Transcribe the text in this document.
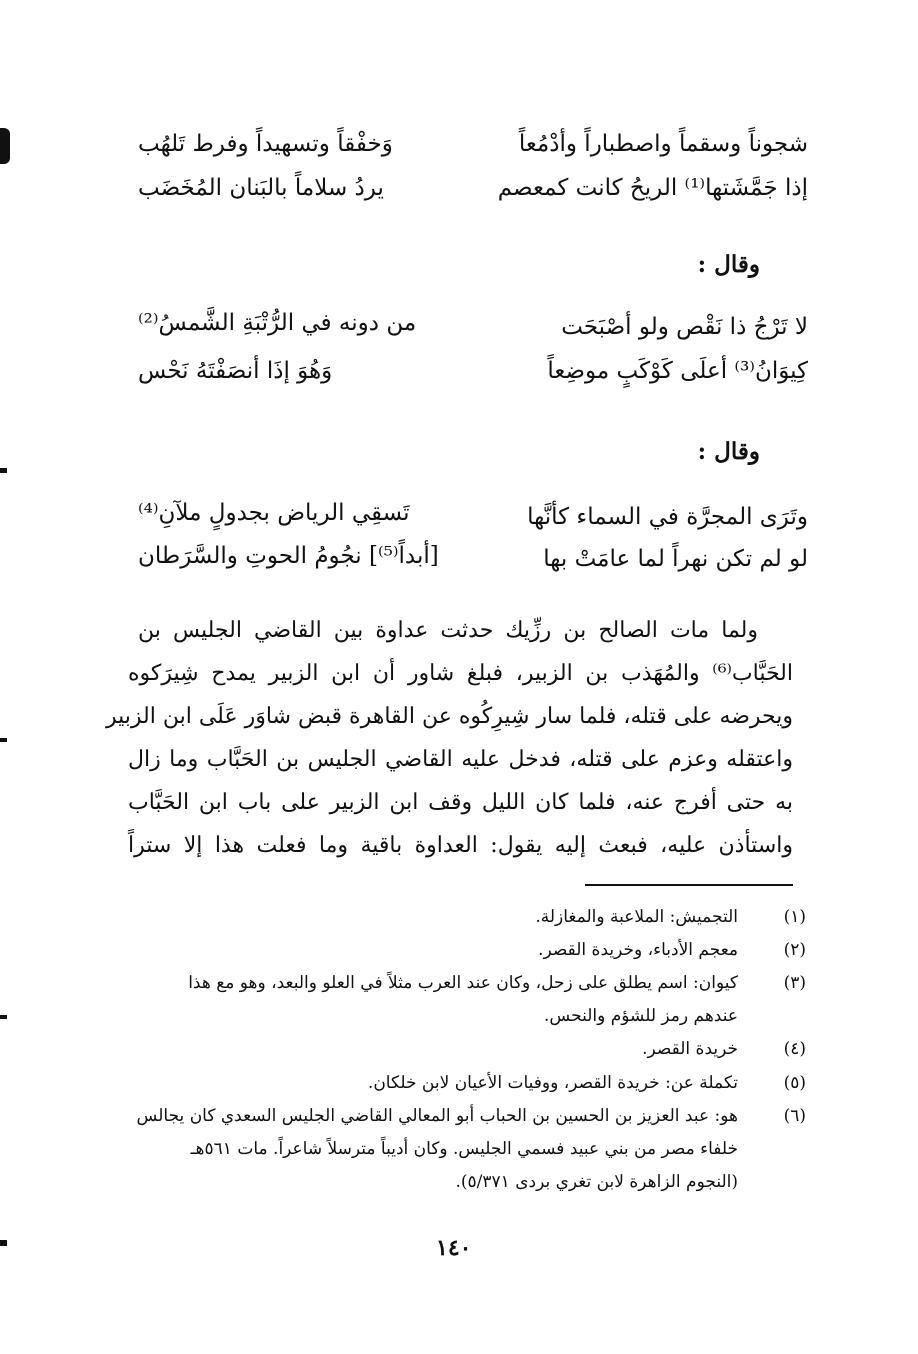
شجوناً وسقماً واصطباراً وأدْمُعاً
وَخفْقاً وتسهيداً وفرط تَلهُب
إذا جَمَّشَتها⁽¹⁾ الريحُ كانت كمعصم
يردُ سلاماً بالبَنان المُخَضَب
وقال :
لا تَرْجُ ذا نَقْص ولو أصْبَحَت
من دونه في الرُّتْبَةِ الشَّمسُ⁽²⁾
كِيوَانُ⁽³⁾ أعلَى كَوْكَبٍ موضِعاً
وَهُوَ إذَا أنصَفْتَهُ نَحْس
وقال :
وتَرَى المجرَّة في السماء كأنَّها
تَسقِي الرياض بجدولٍ ملآنِ⁽⁴⁾
لو لم تكن نهراً لما عامَتْ بها
[أبداً⁽⁵⁾] نجُومُ الحوتِ والسَّرَطان
ولما مات الصالح بن رزِّيك حدثت عداوة بين القاضي الجليس بن
الحَبَّاب⁽⁶⁾ والمُهَذب بن الزبير، فبلغ شاور أن ابن الزبير يمدح شِيرَكوه
ويحرضه على قتله، فلما سار شِيرِكُوه عن القاهرة قبض شاوَر عَلَى ابن الزبير
واعتقله وعزم على قتله، فدخل عليه القاضي الجليس بن الحَبَّاب وما زال
به حتى أفرج عنه، فلما كان الليل وقف ابن الزبير على باب ابن الحَبَّاب
واستأذن عليه، فبعث إليه يقول: العداوة باقية وما فعلت هذا إلا ستراً
(١)
التجميش: الملاعبة والمغازلة.
(٢)
معجم الأدباء، وخريدة القصر.
(٣)
كيوان: اسم يطلق على زحل، وكان عند العرب مثلاً في العلو والبعد، وهو مع هذا
عندهم رمز للشؤم والنحس.
(٤)
خريدة القصر.
(٥)
تكملة عن: خريدة القصر، ووفيات الأعيان لابن خلكان.
(٦)
هو: عبد العزيز بن الحسين بن الحباب أبو المعالي القاضي الجليس السعدي كان يجالس
خلفاء مصر من بني عبيد فسمي الجليس. وكان أديباً مترسلاً شاعراً. مات ٥٦١هـ
(النجوم الزاهرة لابن تغري بردى ٥/٣٧١).
١٤٠
